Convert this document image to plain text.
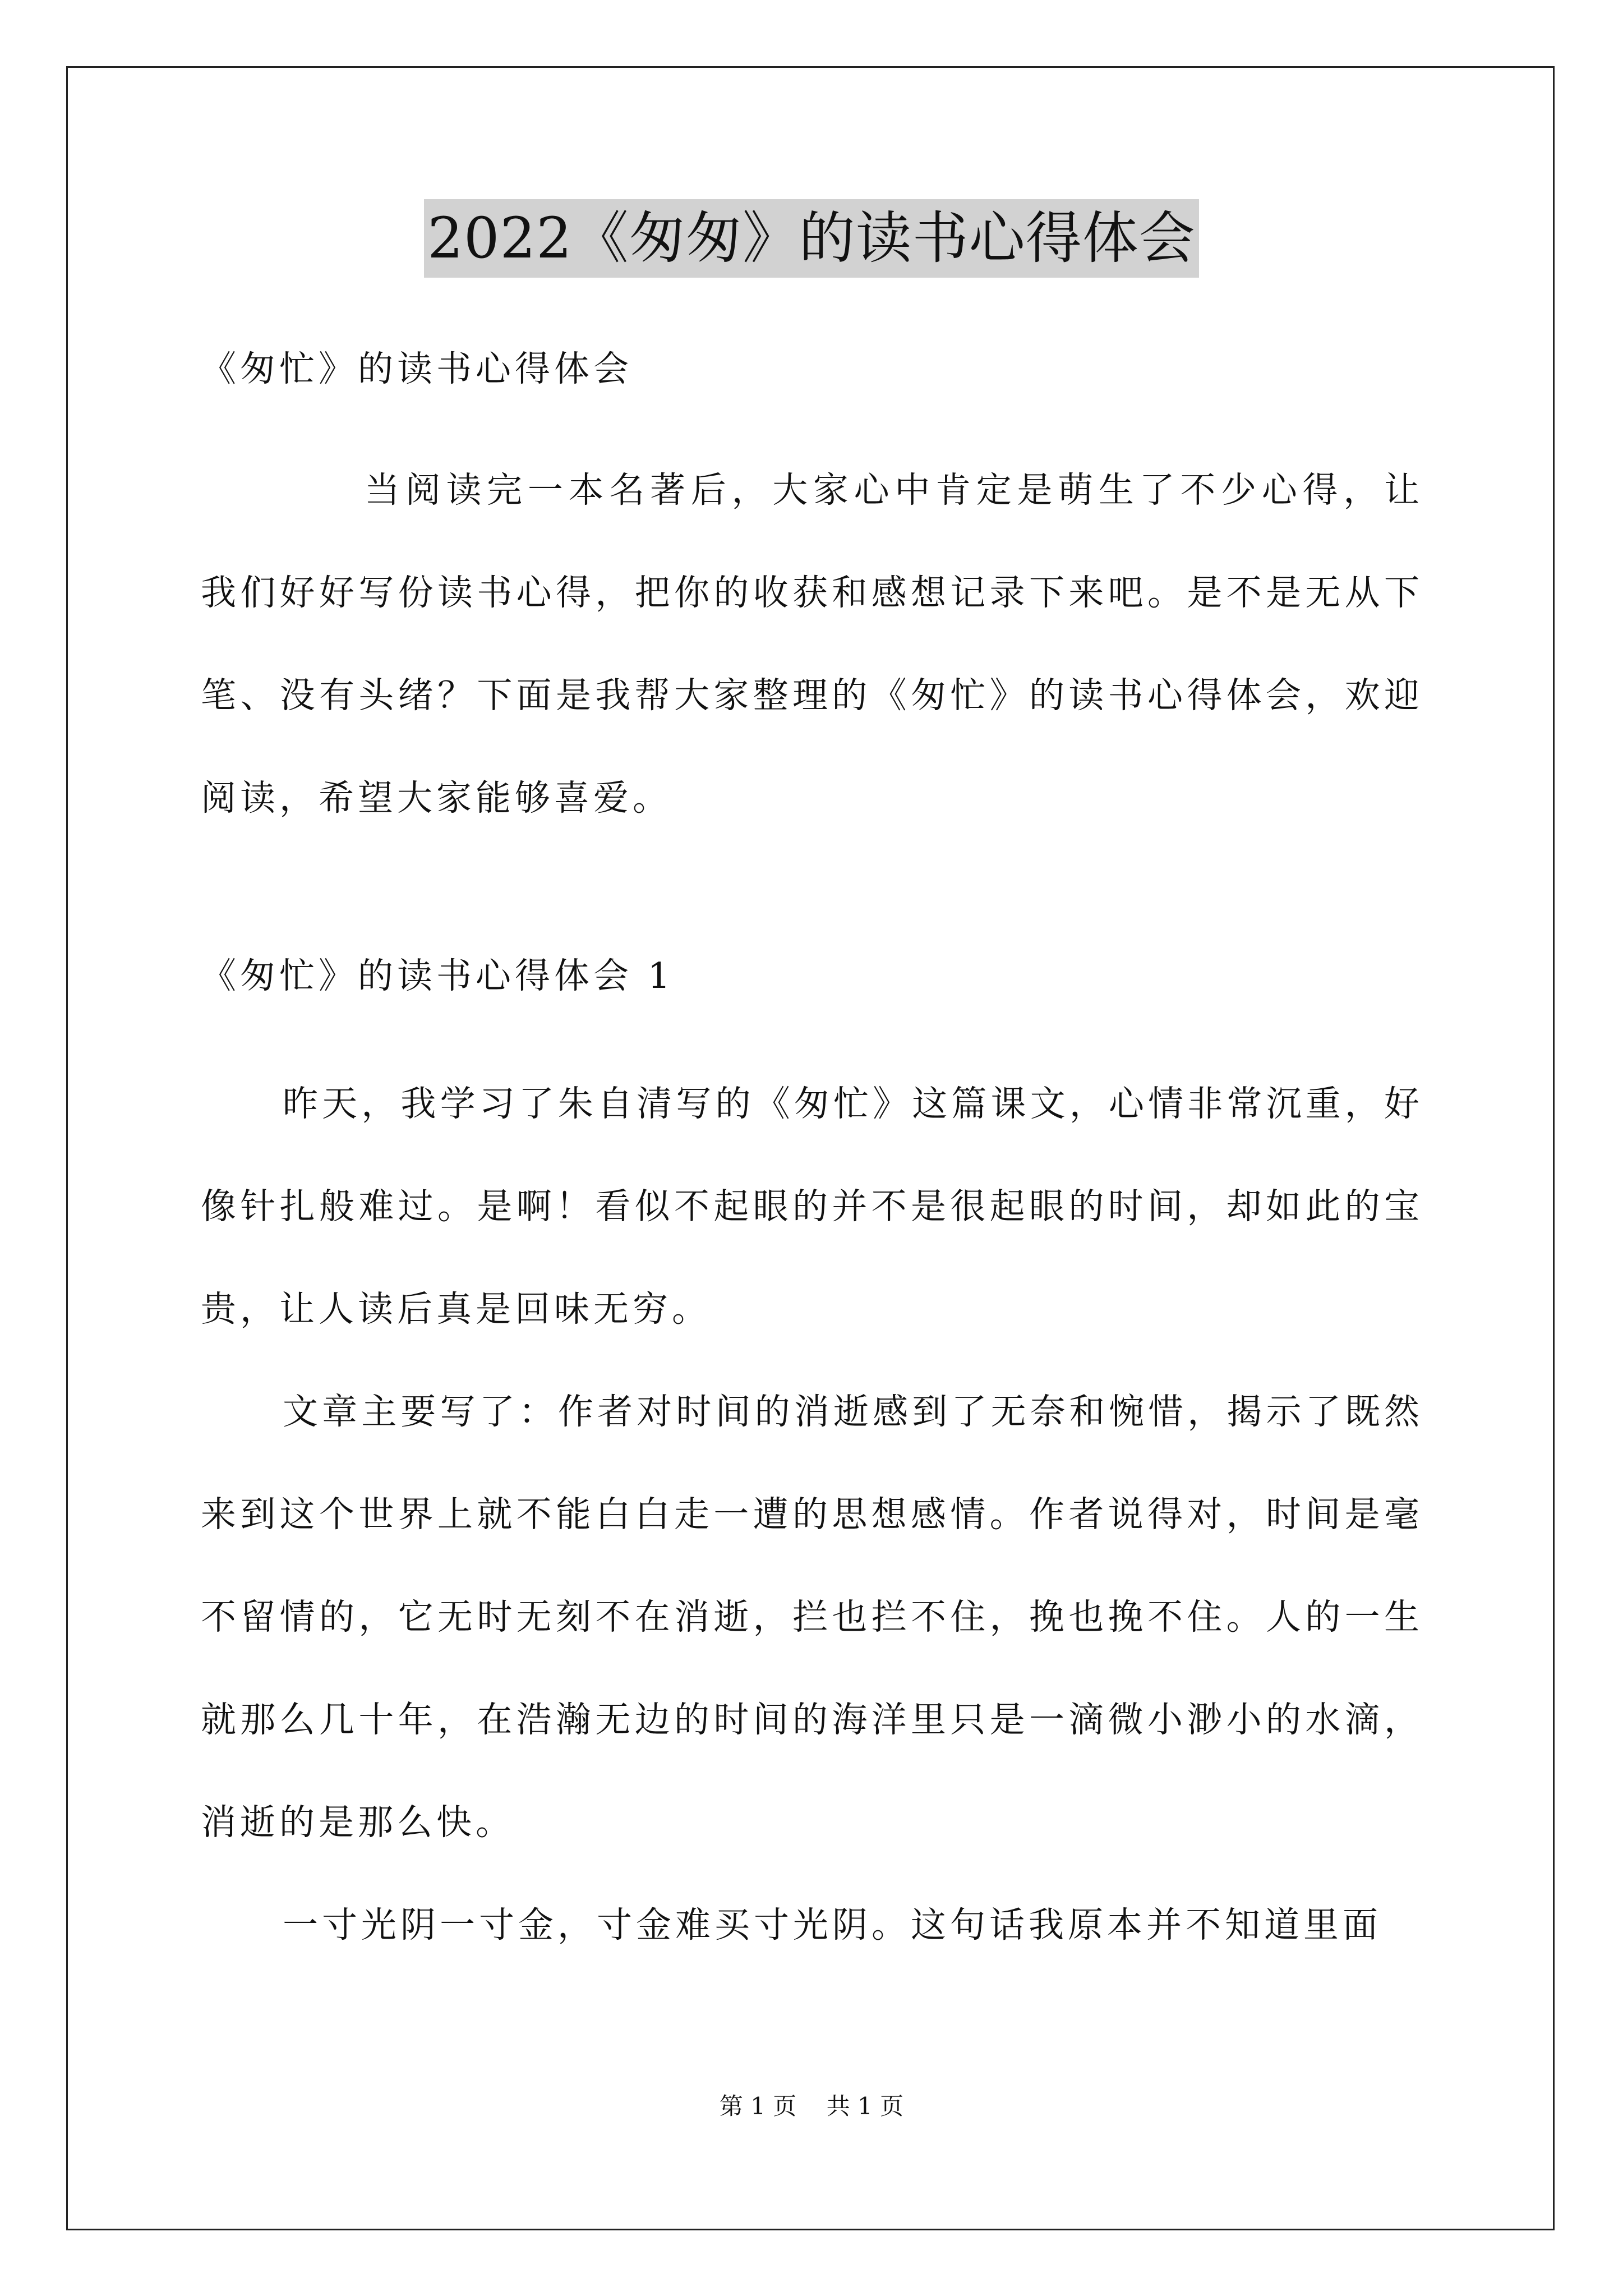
2022《匆匆》的读书心得体会
《匆忙》的读书心得体会

当阅读完一本名著后，大家心中肯定是萌生了不少心得，让我们好好写份读书心得，把你的收获和感想记录下来吧。是不是无从下笔、没有头绪？下面是我帮大家整理的《匆忙》的读书心得体会，欢迎阅读，希望大家能够喜爱。

《匆忙》的读书心得体会 1

昨天，我学习了朱自清写的《匆忙》这篇课文，心情非常沉重，好像针扎般难过。是啊！看似不起眼的并不是很起眼的时间，却如此的宝贵，让人读后真是回味无穷。

文章主要写了：作者对时间的消逝感到了无奈和惋惜，揭示了既然来到这个世界上就不能白白走一遭的思想感情。作者说得对，时间是毫不留情的，它无时无刻不在消逝，拦也拦不住，挽也挽不住。人的一生就那么几十年，在浩瀚无边的时间的海洋里只是一滴微小渺小的水滴，消逝的是那么快。

一寸光阴一寸金，寸金难买寸光阴。这句话我原本并不知道里面

第 1 页    共 1 页
